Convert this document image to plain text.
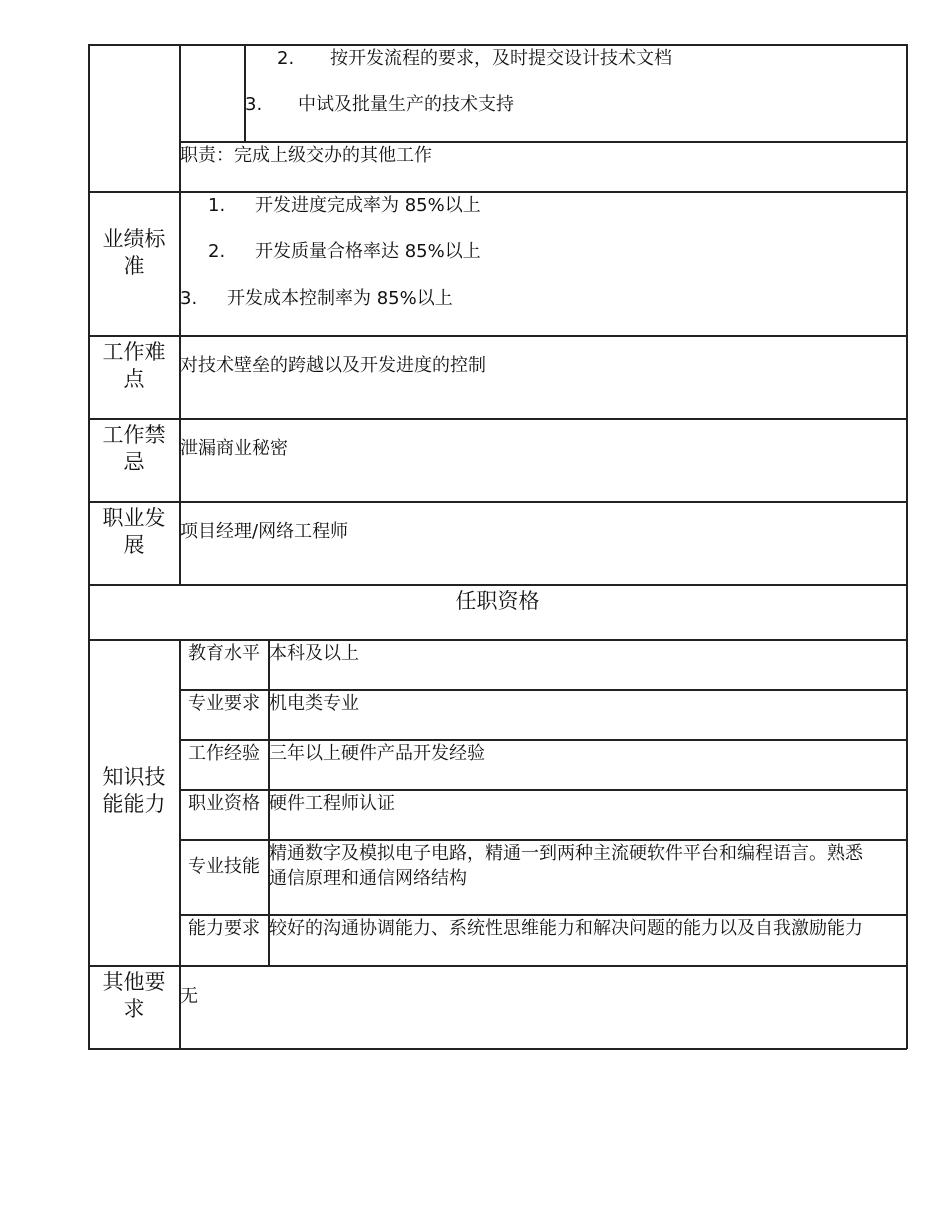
2. 按开发流程的要求，及时提交设计技术文档
3. 中试及批量生产的技术支持
职责：完成上级交办的其他工作
业绩标准
1. 开发进度完成率为 85%以上
2. 开发质量合格率达 85%以上
3. 开发成本控制率为 85%以上
工作难点
对技术壁垒的跨越以及开发进度的控制
工作禁忌
泄漏商业秘密
职业发展
项目经理/网络工程师
任职资格
知识技能能力
教育水平 本科及以上
专业要求 机电类专业
工作经验 三年以上硬件产品开发经验
职业资格 硬件工程师认证
专业技能
精通数字及模拟电子电路，精通一到两种主流硬软件平台和编程语言。熟悉
通信原理和通信网络结构
能力要求 较好的沟通协调能力、系统性思维能力和解决问题的能力以及自我激励能力
其他要求
无
